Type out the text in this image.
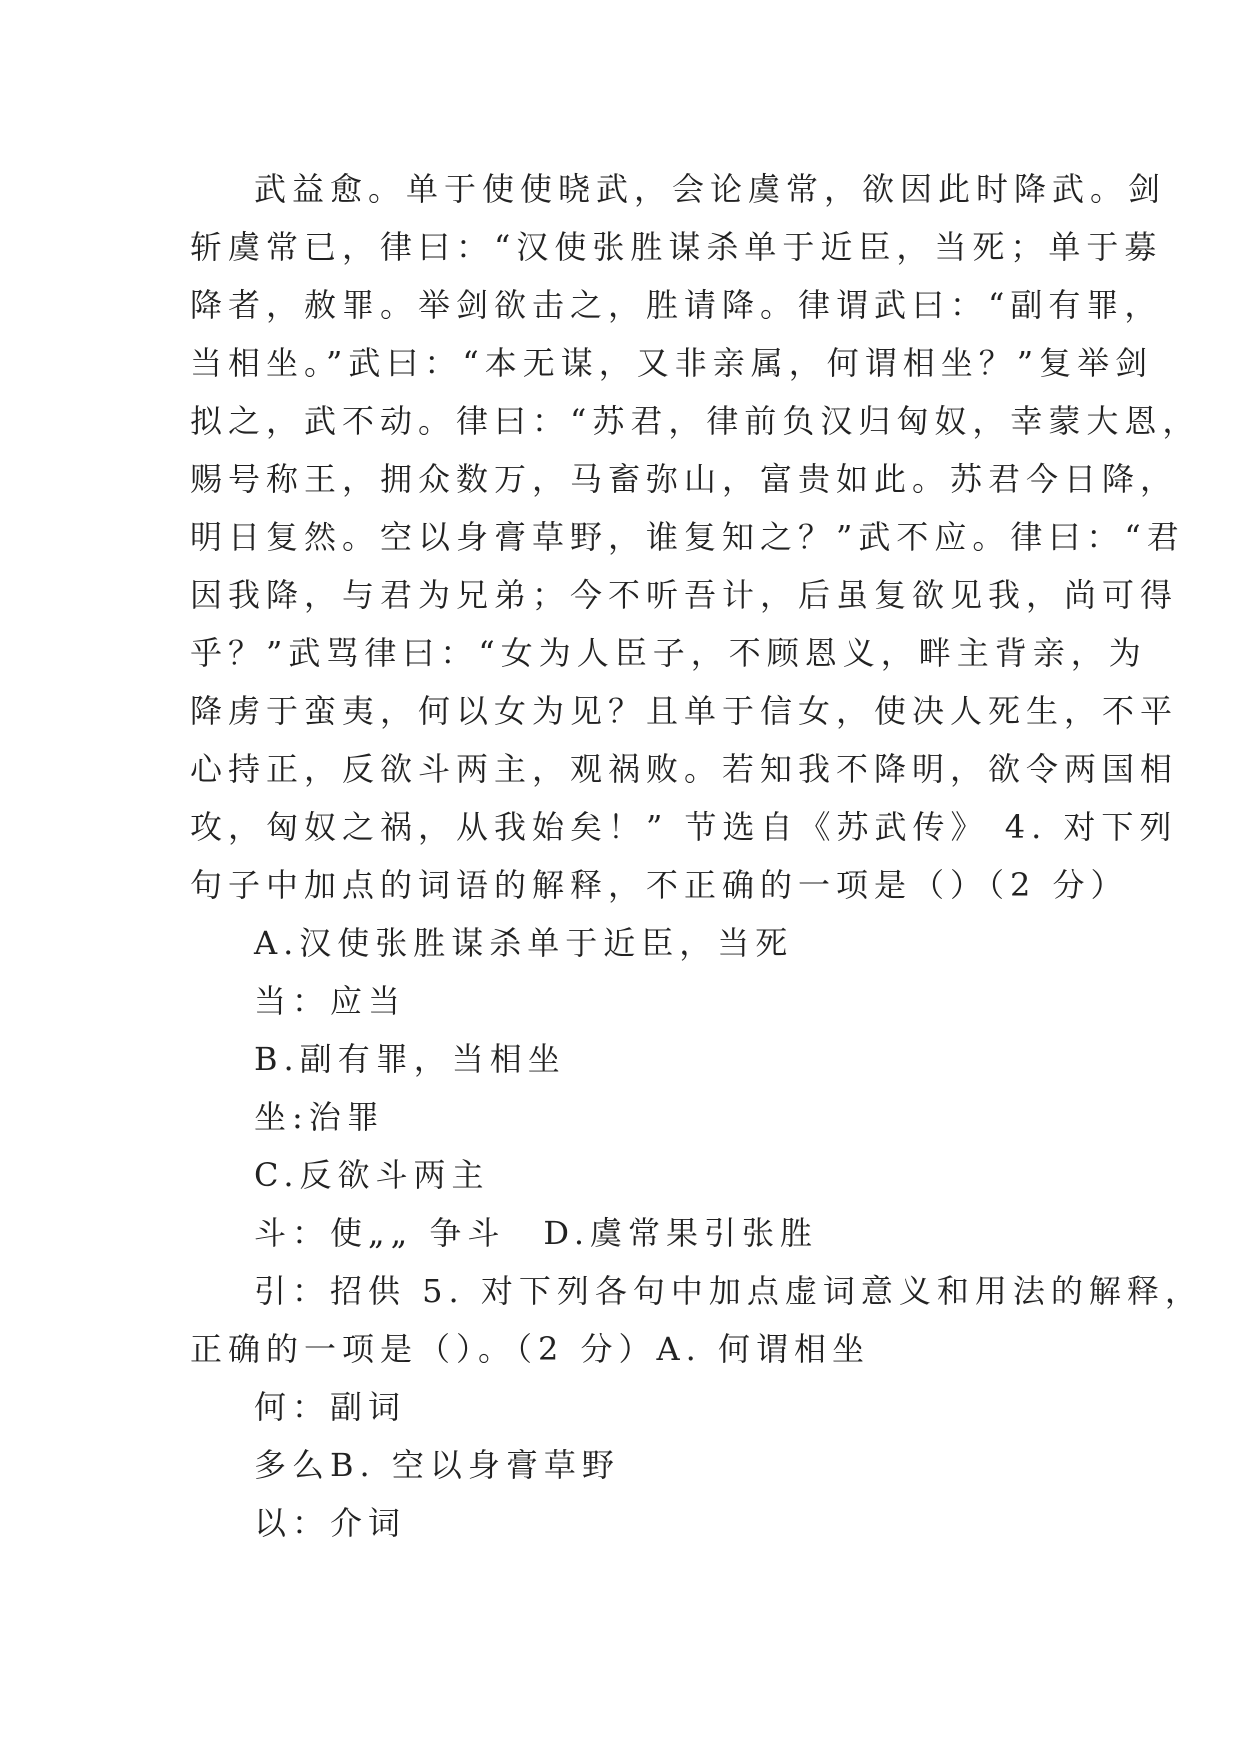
武益愈。单于使使晓武，会论虞常，欲因此时降武。剑
斩虞常已，律曰：“汉使张胜谋杀单于近臣，当死；单于募
降者，赦罪。举剑欲击之，胜请降。律谓武曰：“副有罪，
当相坐。”武曰：“本无谋，又非亲属，何谓相坐？”复举剑
拟之，武不动。律曰：“苏君，律前负汉归匈奴，幸蒙大恩，
赐号称王，拥众数万，马畜弥山，富贵如此。苏君今日降，
明日复然。空以身膏草野，谁复知之？”武不应。律曰：“君
因我降，与君为兄弟；今不听吾计，后虽复欲见我，尚可得
乎？”武骂律曰：“女为人臣子，不顾恩义，畔主背亲，为
降虏于蛮夷，何以女为见？且单于信女，使决人死生，不平
心持正，反欲斗两主，观祸败。若知我不降明，欲令两国相
攻，匈奴之祸，从我始矣！” 节选自《苏武传》 4. 对下列
句子中加点的词语的解释，不正确的一项是（）（2 分）
A.汉使张胜谋杀单于近臣，当死
当：应当
B.副有罪，当相坐
坐:治罪
C.反欲斗两主
斗：使„„ 争斗　D.虞常果引张胜
引：招供 5. 对下列各句中加点虚词意义和用法的解释，
正确的一项是（）。（2 分）A. 何谓相坐
何：副词
多么B. 空以身膏草野
以：介词
